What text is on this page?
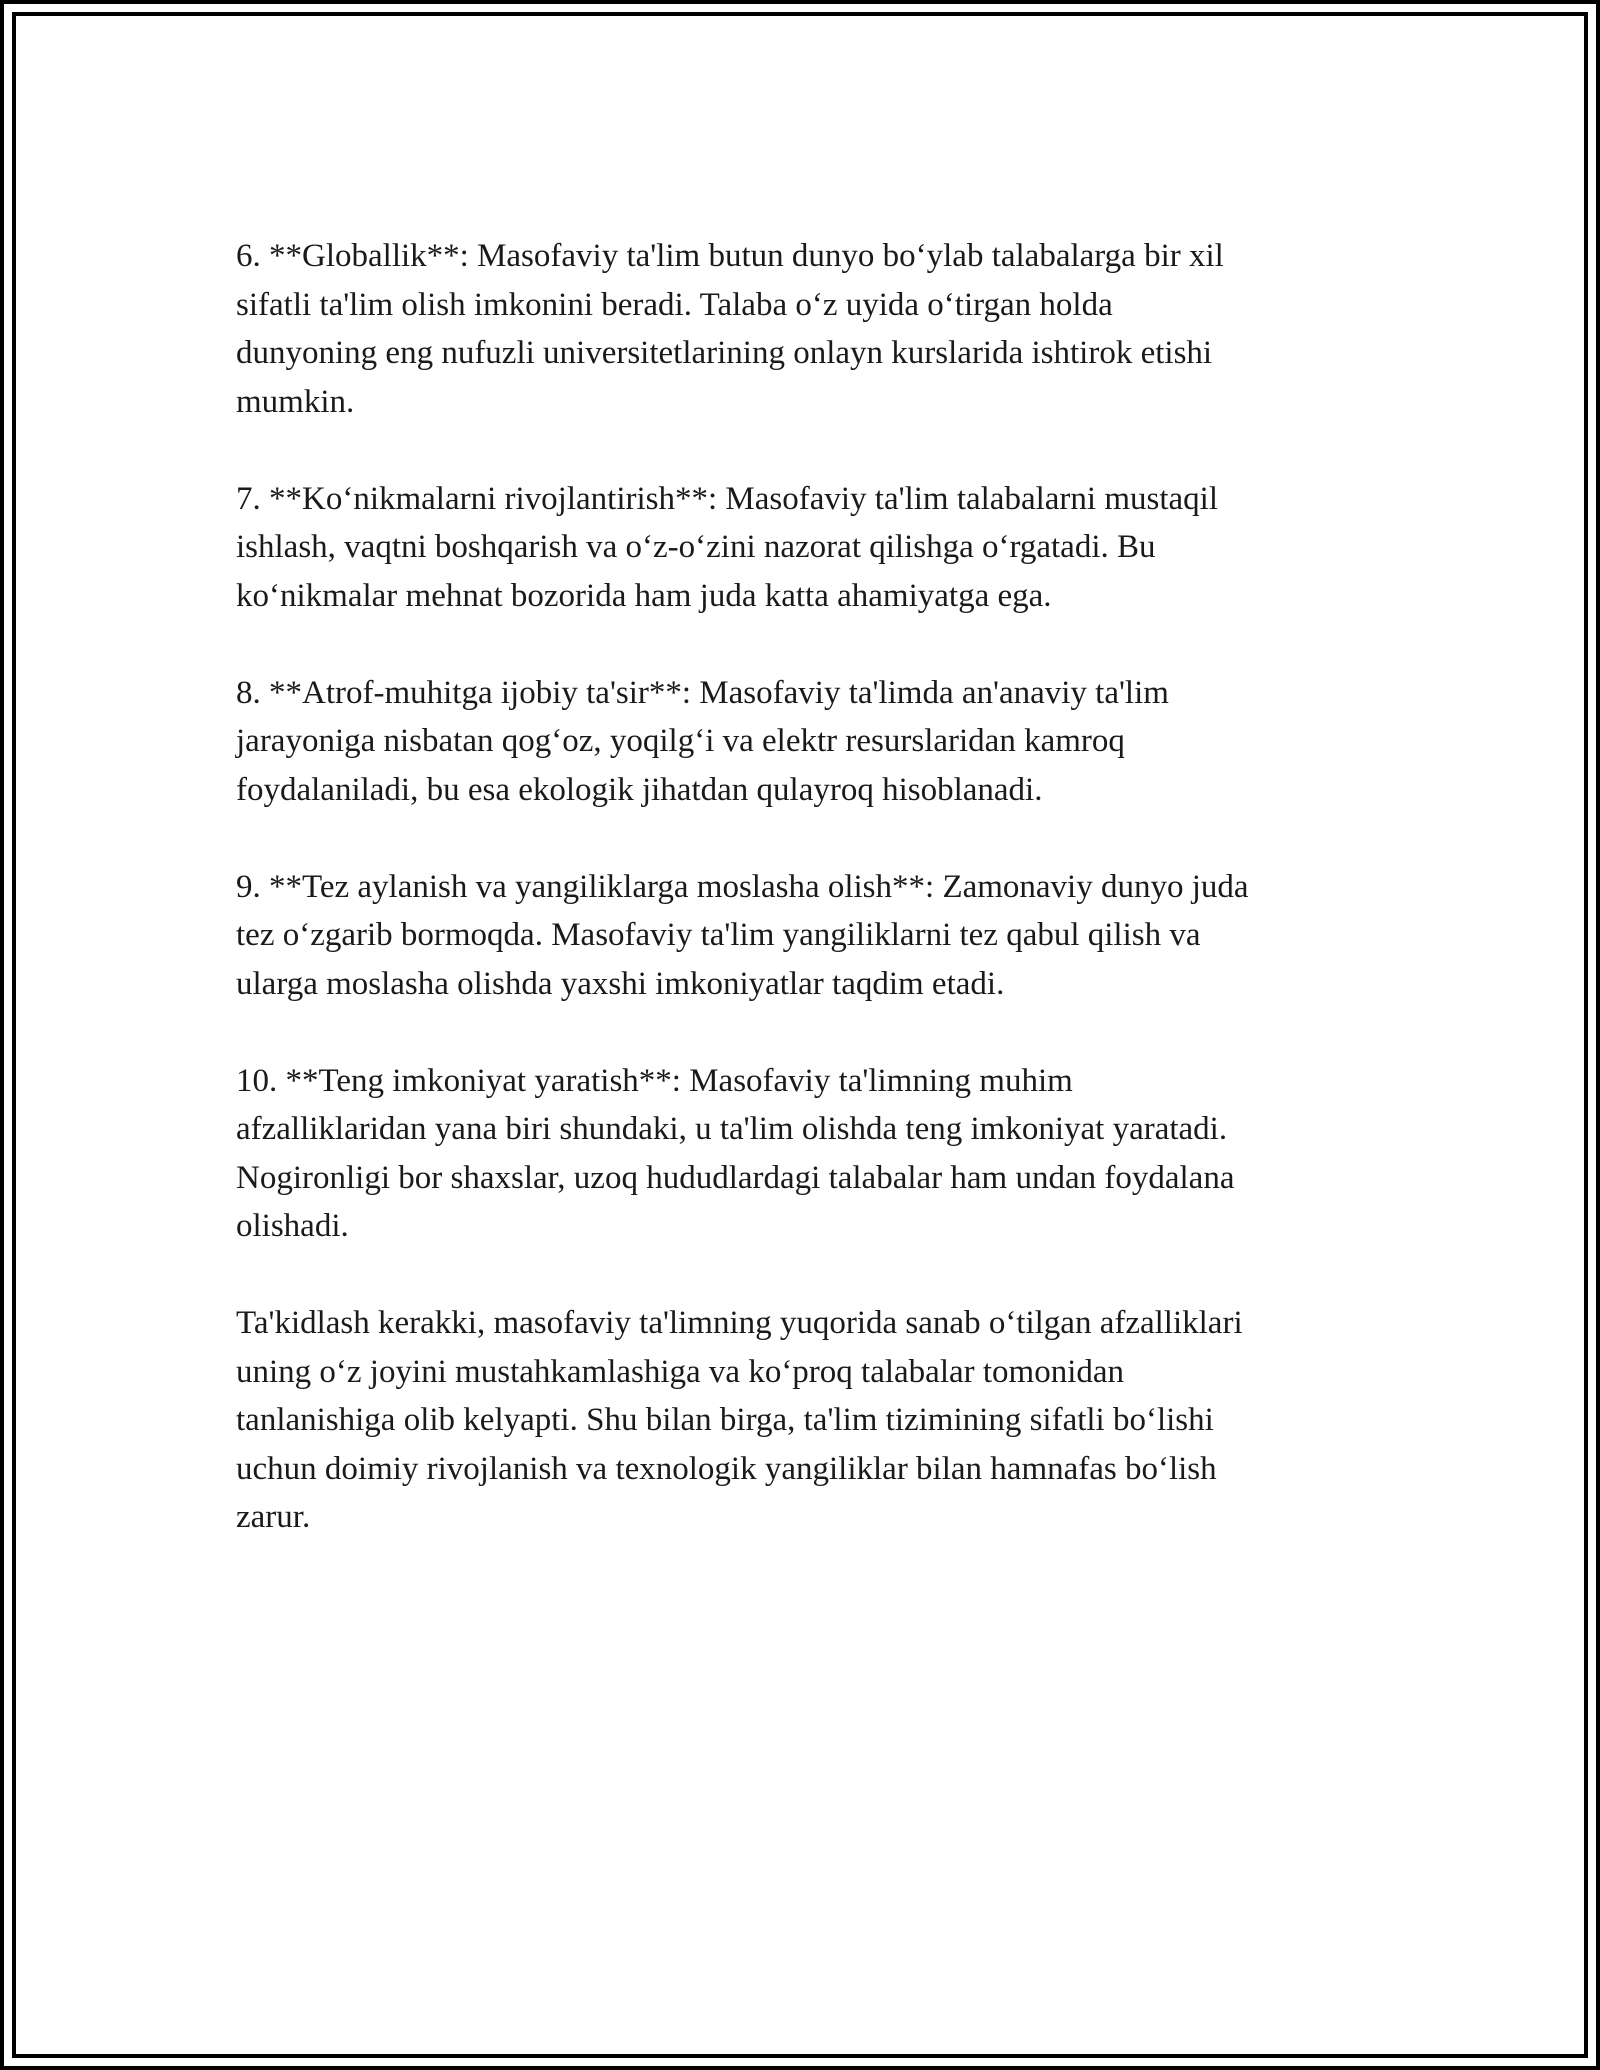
6. **Globallik**: Masofaviy ta'lim butun dunyo bo‘ylab talabalarga bir xil
sifatli ta'lim olish imkonini beradi. Talaba o‘z uyida o‘tirgan holda
dunyoning eng nufuzli universitetlarining onlayn kurslarida ishtirok etishi
mumkin.

7. **Ko‘nikmalarni rivojlantirish**: Masofaviy ta'lim talabalarni mustaqil
ishlash, vaqtni boshqarish va o‘z-o‘zini nazorat qilishga o‘rgatadi. Bu
ko‘nikmalar mehnat bozorida ham juda katta ahamiyatga ega.

8. **Atrof-muhitga ijobiy ta'sir**: Masofaviy ta'limda an'anaviy ta'lim
jarayoniga nisbatan qog‘oz, yoqilg‘i va elektr resurslaridan kamroq
foydalaniladi, bu esa ekologik jihatdan qulayroq hisoblanadi.

9. **Tez aylanish va yangiliklarga moslasha olish**: Zamonaviy dunyo juda
tez o‘zgarib bormoqda. Masofaviy ta'lim yangiliklarni tez qabul qilish va
ularga moslasha olishda yaxshi imkoniyatlar taqdim etadi.

10. **Teng imkoniyat yaratish**: Masofaviy ta'limning muhim
afzalliklaridan yana biri shundaki, u ta'lim olishda teng imkoniyat yaratadi.
Nogironligi bor shaxslar, uzoq hududlardagi talabalar ham undan foydalana
olishadi.

Ta'kidlash kerakki, masofaviy ta'limning yuqorida sanab o‘tilgan afzalliklari
uning o‘z joyini mustahkamlashiga va ko‘proq talabalar tomonidan
tanlanishiga olib kelyapti. Shu bilan birga, ta'lim tizimining sifatli bo‘lishi
uchun doimiy rivojlanish va texnologik yangiliklar bilan hamnafas bo‘lish
zarur.
